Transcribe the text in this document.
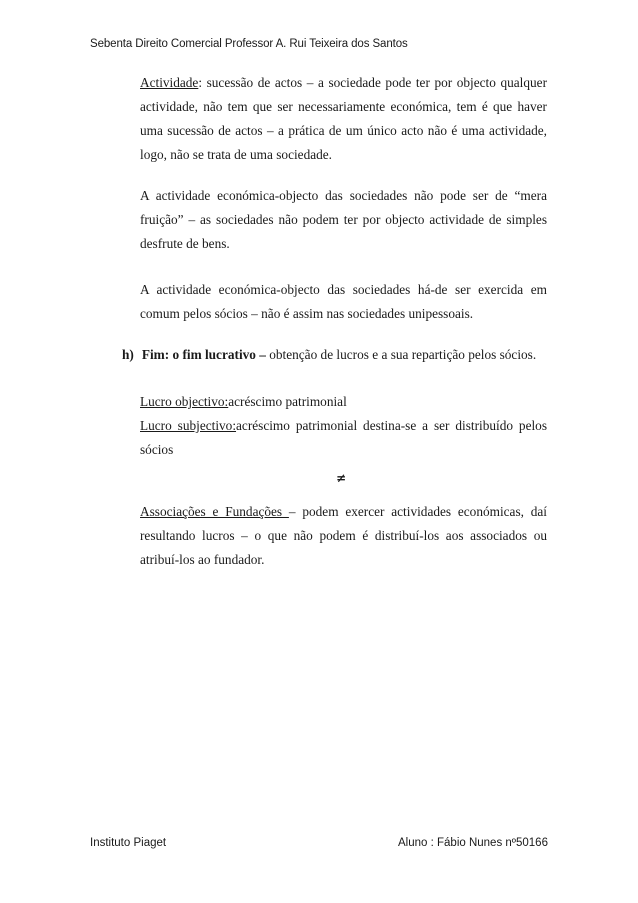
Sebenta Direito Comercial Professor A. Rui Teixeira dos Santos
Actividade: sucessão de actos – a sociedade pode ter por objecto qualquer actividade, não tem que ser necessariamente económica, tem é que haver uma sucessão de actos – a prática de um único acto não é uma actividade, logo, não se trata de uma sociedade.
A actividade económica-objecto das sociedades não pode ser de “mera fruição” – as sociedades não podem ter por objecto actividade de simples desfrute de bens.
A actividade económica-objecto das sociedades há-de ser exercida em comum pelos sócios – não é assim nas sociedades unipessoais.
h) Fim: o fim lucrativo – obtenção de lucros e a sua repartição pelos sócios.
Lucro objectivo:acréscimo patrimonial
Lucro subjectivo:acréscimo patrimonial destina-se a ser distribuído pelos sócios
≠
Associações e Fundações – podem exercer actividades económicas, daí resultando lucros – o que não podem é distribuí-los aos associados ou atribuí-los ao fundador.
Instituto Piaget	Aluno : Fábio Nunes nº50166
